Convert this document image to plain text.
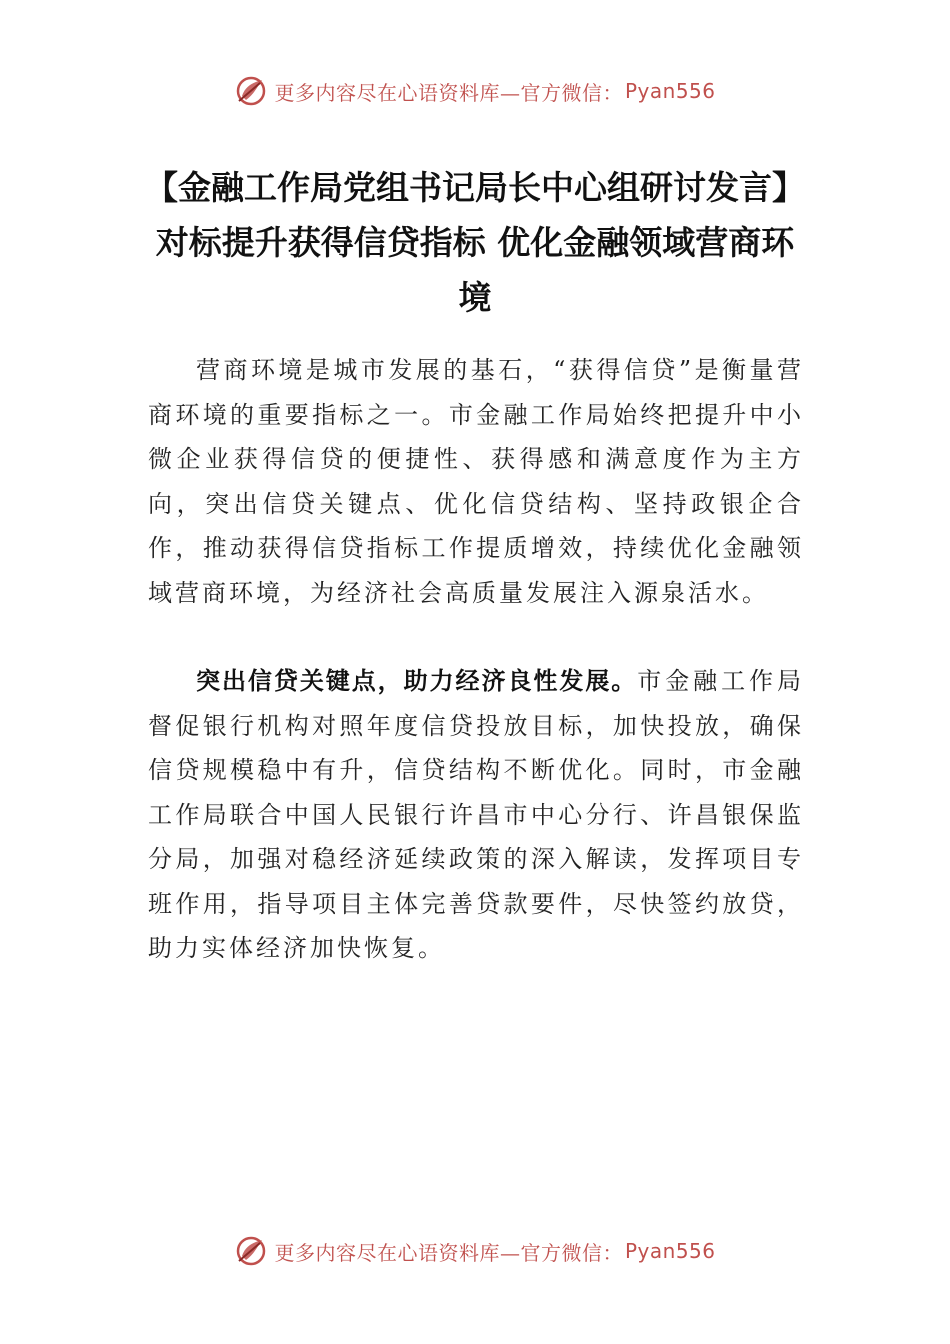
更多内容尽在心语资料库—官方微信： Pyan556
【金融工作局党组书记局长中心组研讨发言】对标提升获得信贷指标 优化金融领域营商环境

营商环境是城市发展的基石，“获得信贷”是衡量营商环境的重要指标之一。市金融工作局始终把提升中小微企业获得信贷的便捷性、获得感和满意度作为主方向，突出信贷关键点、优化信贷结构、坚持政银企合作，推动获得信贷指标工作提质增效，持续优化金融领域营商环境，为经济社会高质量发展注入源泉活水。

突出信贷关键点，助力经济良性发展。市金融工作局督促银行机构对照年度信贷投放目标，加快投放，确保信贷规模稳中有升，信贷结构不断优化。同时，市金融工作局联合中国人民银行许昌市中心分行、许昌银保监分局，加强对稳经济延续政策的深入解读，发挥项目专班作用，指导项目主体完善贷款要件，尽快签约放贷，助力实体经济加快恢复。

更多内容尽在心语资料库—官方微信： Pyan556
